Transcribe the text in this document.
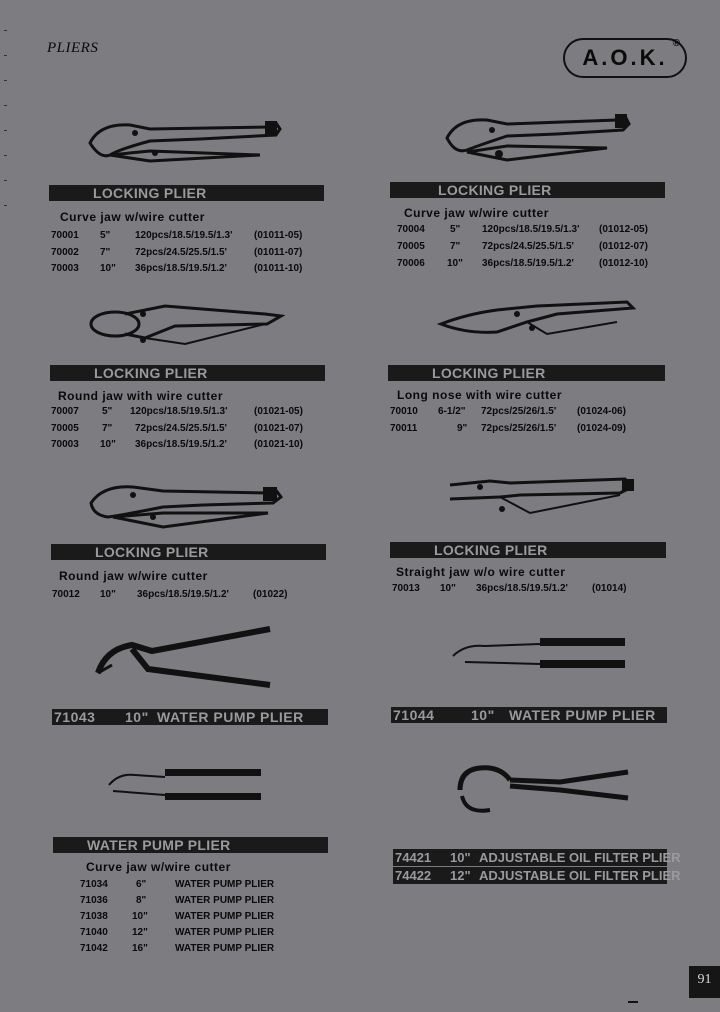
PLIERS	A.O.K.
®
LOCKING PLIER
Curve jaw w/wire cutter
70001 5" 120pcs/18.5/19.5/1.3' (01011-05)
70002 7" 72pcs/24.5/25.5/1.5'	(01011-07)
70003 10" 36pcs/18.5/19.5/1.2'	(01011-10)
LOCKING PLIER
Curve jaw w/wire cutter
70004	5" 120pcs/18.5/19.5/1.3' (01012-05)
70005	7" 72pcs/24.5/25.5/1.5'	(01012-07)
70006 10" 36pcs/18.5/19.5/1.2'	(01012-10)
LOCKING PLIER
Round jaw with wire cutter
70007 5" 120pcs/18.5/19.5/1.3'	(01021-05)
70005 7" 72pcs/24.5/25.5/1.5'	(01021-07)
70003 10" 36pcs/18.5/19.5/1.2'	(01021-10)
LOCKING PLIER
Long nose with wire cutter
70010 6-1/2" 72pcs/25/26/1.5' (01024-06)
70011	9" 72pcs/25/26/1.5' (01024-09)
LOCKING PLIER
Round jaw w/wire cutter
70012 10" 36pcs/18.5/19.5/1.2' (01022)
LOCKING PLIER
Straight jaw w/o wire cutter
70013 10" 36pcs/18.5/19.5/1.2' (01014)
71043 10" WATER PUMP PLIER	71044	10" WATER PUMP PLIER
WATER PUMP PLIER
Curve jaw w/wire cutter
71034	6"	WATER PUMP PLIER
71036	8"	WATER PUMP PLIER
71038 10"	WATER PUMP PLIER
71040 12"	WATER PUMP PLIER
71042 16"	WATER PUMP PLIER
74421 10" ADJUSTABLE OIL FILTER PLIER
74422 12" ADJUSTABLE OIL FILTER PLIER
91
